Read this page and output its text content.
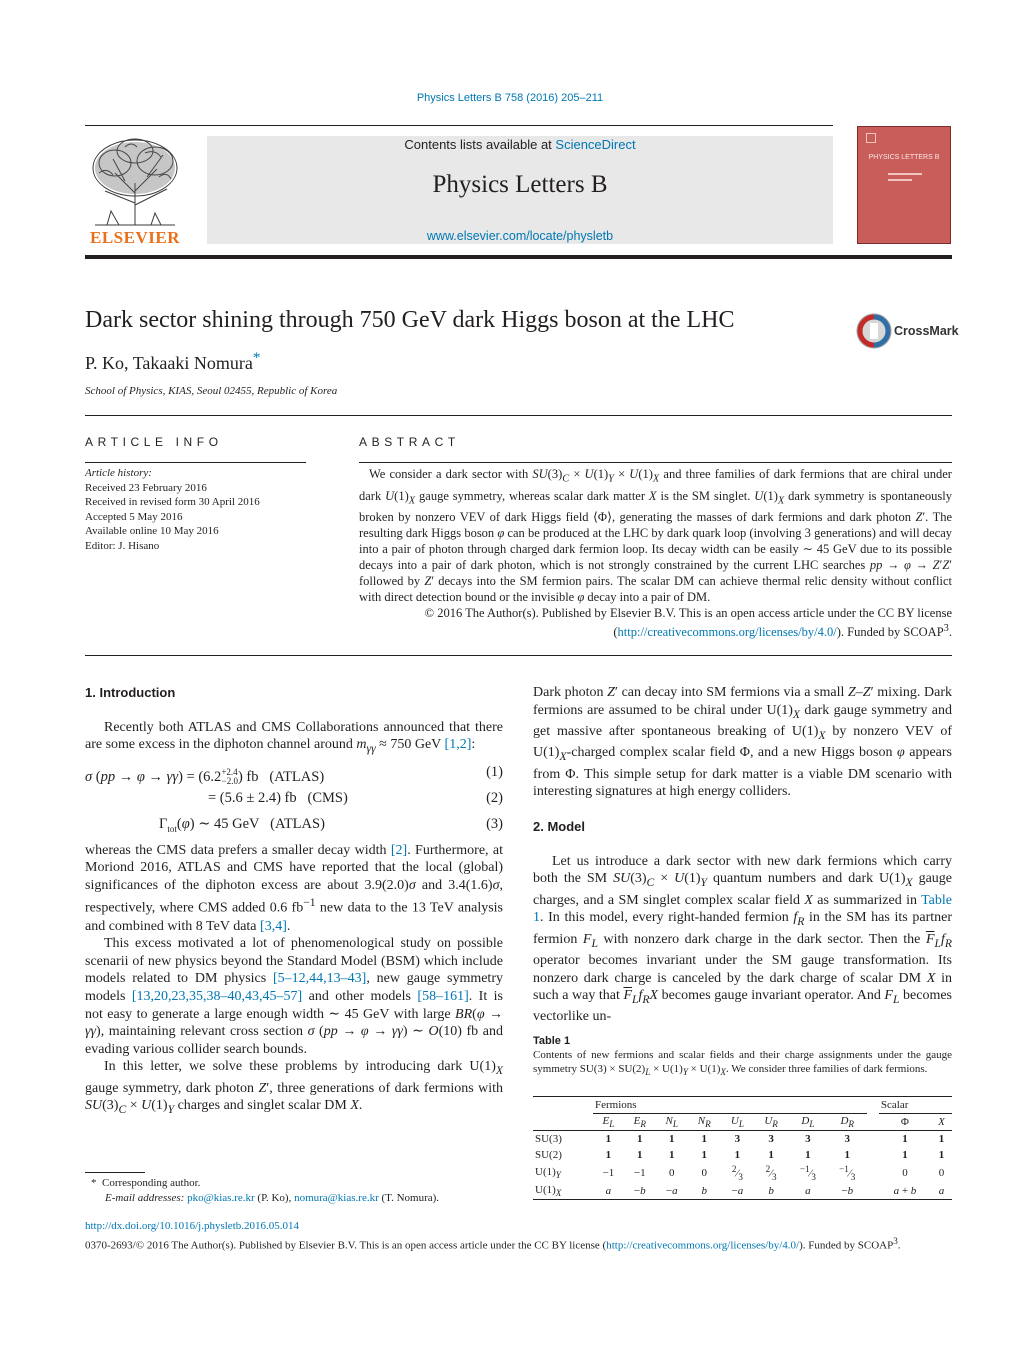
Physics Letters B 758 (2016) 205–211
ELSEVIER
Contents lists available at ScienceDirect
Physics Letters B
www.elsevier.com/locate/physletb
PHYSICS LETTERS B
Dark sector shining through 750 GeV dark Higgs boson at the LHC	CrossMark
P. Ko, Takaaki Nomura*
School of Physics, KIAS, Seoul 02455, Republic of Korea
ARTICLE INFO	ABSTRACT
Article history:
Received 23 February 2016
Received in revised form 30 April 2016
Accepted 5 May 2016
Available online 10 May 2016
Editor: J. Hisano

We consider a dark sector with $SU(3)_C \times U(1)_Y \times U(1)_X$ and three families of dark fermions that are chiral under dark $U(1)_X$ gauge symmetry, whereas scalar dark matter X is the SM singlet. $U(1)_X$ dark symmetry is spontaneously broken by nonzero VEV of dark Higgs field ⟨Φ⟩, generating the masses of dark fermions and dark photon Z′. The resulting dark Higgs boson φ can be produced at the LHC by dark quark loop (involving 3 generations) and will decay into a pair of photon through charged dark fermion loop. Its decay width can be easily ∼ 45 GeV due to its possible decays into a pair of dark photon, which is not strongly constrained by the current LHC searches pp → φ → Z′Z′ followed by Z′ decays into the SM fermion pairs. The scalar DM can achieve thermal relic density without conflict with direct detection bound or the invisible φ decay into a pair of DM.

© 2016 The Author(s). Published by Elsevier B.V. This is an open access article under the CC BY license (http://creativecommons.org/licenses/by/4.0/). Funded by SCOAP$^3$.

1. Introduction

Recently both ATLAS and CMS Collaborations announced that there are some excess in the diphoton channel around $m_{\gamma\gamma} \approx 750$ GeV [1,2]:

σ $(pp \to \varphi \to \gamma\gamma) = (6.2^{+2.4}_{-2.0})$ fb   (ATLAS)	(1)
= (5.6 ± 2.4) fb   (CMS)	(2)
$\Gamma_{tot}(\varphi)$ ∼ 45 GeV   (ATLAS)	(3)

whereas the CMS data prefers a smaller decay width [2]. Furthermore, at Moriond 2016, ATLAS and CMS have reported that the local (global) significances of the diphoton excess are about 3.9(2.0)σ and 3.4(1.6)σ, respectively, where CMS added 0.6 $fb^{-1}$ new data to the 13 TeV analysis and combined with 8 TeV data [3,4].

This excess motivated a lot of phenomenological study on possible scenarii of new physics beyond the Standard Model (BSM) which include models related to DM physics [5–12,44,13–43], new gauge symmetry models [13,20,23,35,38–40,43,45–57] and other models [58–161]. It is not easy to generate a large enough width ∼ 45 GeV with large BR(φ → γγ), maintaining relevant cross section σ (pp → φ → γγ) ∼ O(10) fb and evading various collider search bounds.

In this letter, we solve these problems by introducing dark $U(1)_X$ gauge symmetry, dark photon Z′, three generations of dark fermions with $SU(3)_C \times U(1)_Y$ charges and singlet scalar DM X.

* Corresponding author.
E-mail addresses: pko@kias.re.kr (P. Ko), nomura@kias.re.kr (T. Nomura).

Dark photon Z′ can decay into SM fermions via a small Z–Z′ mixing. Dark fermions are assumed to be chiral under $U(1)_X$ dark gauge symmetry and get massive after spontaneous breaking of $U(1)_X$ by nonzero VEV of $U(1)_X$-charged complex scalar field Φ, and a new Higgs boson φ appears from Φ. This simple setup for dark matter is a viable DM scenario with interesting signatures at high energy colliders.

2. Model

Let us introduce a dark sector with new dark fermions which carry both the SM $SU(3)_C \times U(1)_Y$ quantum numbers and dark $U(1)_X$ gauge charges, and a SM singlet complex scalar field X as summarized in Table 1. In this model, every right-handed fermion $f_R$ in the SM has its partner fermion $F_L$ with nonzero dark charge in the dark sector. Then the $\overline{F}_Lf_R$ operator becomes invariant under the SM gauge transformation. Its nonzero dark charge is canceled by the dark charge of scalar DM X in such a way that $\overline{F}_Lf_RX$ becomes gauge invariant operator. And $F_L$ becomes vectorlike un-

Table 1
Contents of new fermions and scalar fields and their charge assignments under the gauge symmetry $SU(3) \times SU(2)_L \times U(1)_Y \times U(1)_X$. We consider three families of dark fermions.
	Fermions									Scalar	
	$E_L$	$E_R$	$N_L$	$N_R$	$U_L$	$U_R$	$D_L$	$D_R$		Φ	X
SU(3)	1	1	1	1	3	3	3	3		1	1
SU(2)	1	1	1	1	1	1	1	1		1	1
$U(1)_Y$	−1	−1	0	0	$^2⁄_3$	$^2⁄_3$	$^{-1}⁄_3$	$^{-1}⁄_3$		0	0
$U(1)_X$	a	−b	−a	b	−a	b	a	−b		a + b	a
http://dx.doi.org/10.1016/j.physletb.2016.05.014
0370-2693/© 2016 The Author(s). Published by Elsevier B.V. This is an open access article under the CC BY license (http://creativecommons.org/licenses/by/4.0/). Funded by SCOAP$^3$.
